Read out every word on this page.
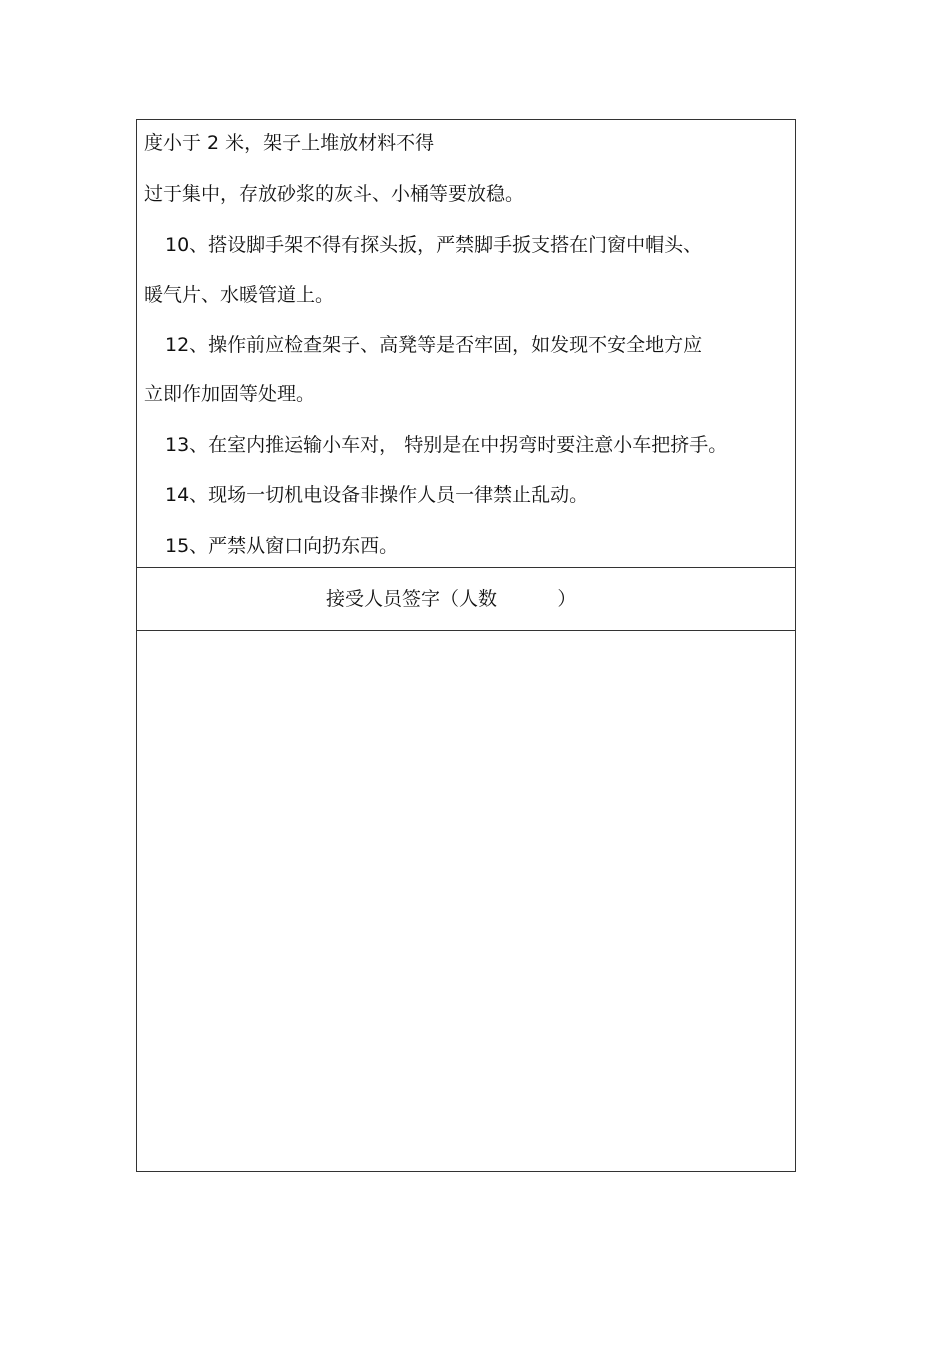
度小于 2 米，架子上堆放材料不得
过于集中，存放砂浆的灰斗、小桶等要放稳。
10、搭设脚手架不得有探头扳，严禁脚手扳支搭在门窗中帽头、
暖气片、水暖管道上。
12、操作前应检查架子、高凳等是否牢固，如发现不安全地方应
立即作加固等处理。
13、在室内推运输小车对， 特别是在中拐弯时要注意小车把挤手。
14、现场一切机电设备非操作人员一律禁止乱动。
15、严禁从窗口向扔东西。
接受人员签字（人数          ）
